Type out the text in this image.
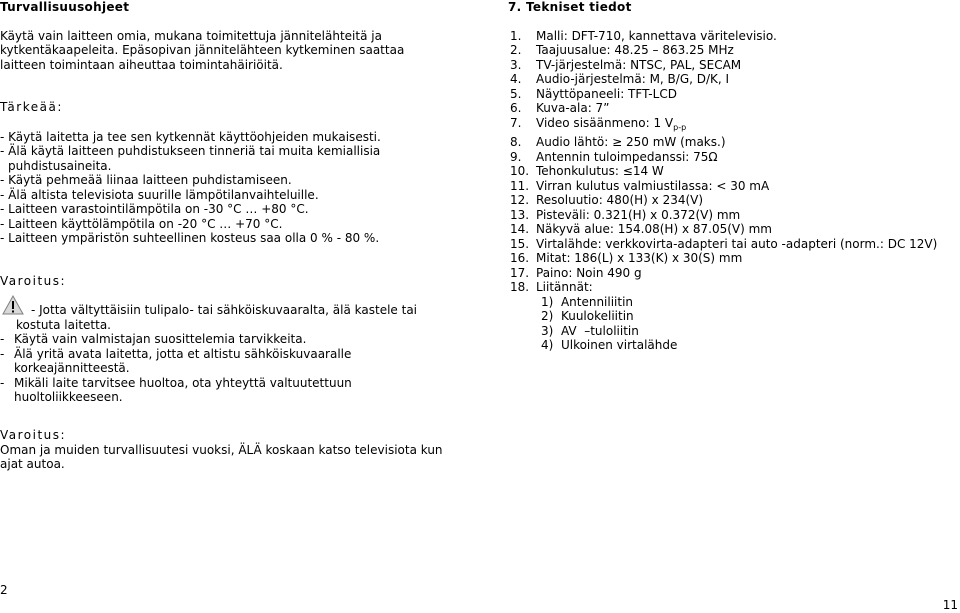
Turvallisuusohjeet
Käytä vain laitteen omia, mukana toimitettuja jännitelähteitä ja
kytkentäkaapeleita. Epäsopivan jännitelähteen kytkeminen saattaa
laitteen toimintaan aiheuttaa toimintahäiriöitä.
Tärkeää:
- Käytä laitetta ja tee sen kytkennät käyttöohjeiden mukaisesti.
- Älä käytä laitteen puhdistukseen tinneriä tai muita kemiallisia
puhdistusaineita.
- Käytä pehmeää liinaa laitteen puhdistamiseen.
- Älä altista televisiota suurille lämpötilanvaihteluille.
- Laitteen varastointilämpötila on -30 °C … +80 °C.
- Laitteen käyttölämpötila on -20 °C … +70 °C.
- Laitteen ympäristön suhteellinen kosteus saa olla 0 % - 80 %.
Varoitus:
- Jotta vältyttäisiin tulipalo- tai sähköiskuvaaralta, älä kastele tai
kostuta laitetta.
- Käytä vain valmistajan suosittelemia tarvikkeita.
- Älä yritä avata laitetta, jotta et altistu sähköiskuvaaralle
korkeajännitteestä.
- Mikäli laite tarvitsee huoltoa, ota yhteyttä valtuutettuun
huoltoliikkeeseen.
7. Tekniset tiedot
1.	Malli: DFT-710, kannettava väritelevisio.
2.	Taajuusalue: 48.25 – 863.25 MHz
3.	TV-järjestelmä: NTSC, PAL, SECAM
4.	Audio-järjestelmä: M, B/G, D/K, I
5.	Näyttöpaneeli: TFT-LCD
6.	Kuva-ala: 7”
7.	Video sisäänmeno: 1 $V_{p-p}$
8.	Audio lähtö: ≥ 250 mW (maks.)
9.	Antennin tuloimpedanssi: 75Ω
10. Tehonkulutus: ≤14 W
11. Virran kulutus valmiustilassa: < 30 mA
12. Resoluutio: 480(H) x 234(V)
13. Pisteväli: 0.321(H) x 0.372(V) mm
14. Näkyvä alue: 154.08(H) x 87.05(V) mm
15. Virtalähde: verkkovirta-adapteri tai auto -adapteri (norm.: DC 12V)
16. Mitat: 186(L) x 133(K) x 30(S) mm
17. Paino: Noin 490 g
18. Liitännät:
1)  Antenniliitin
2)  Kuulokeliitin
3)  AV  –tuloliitin
4)  Ulkoinen virtalähde
Varoitus:
Oman ja muiden turvallisuutesi vuoksi, ÄLÄ koskaan katso televisiota kun
ajat autoa.
2
11
